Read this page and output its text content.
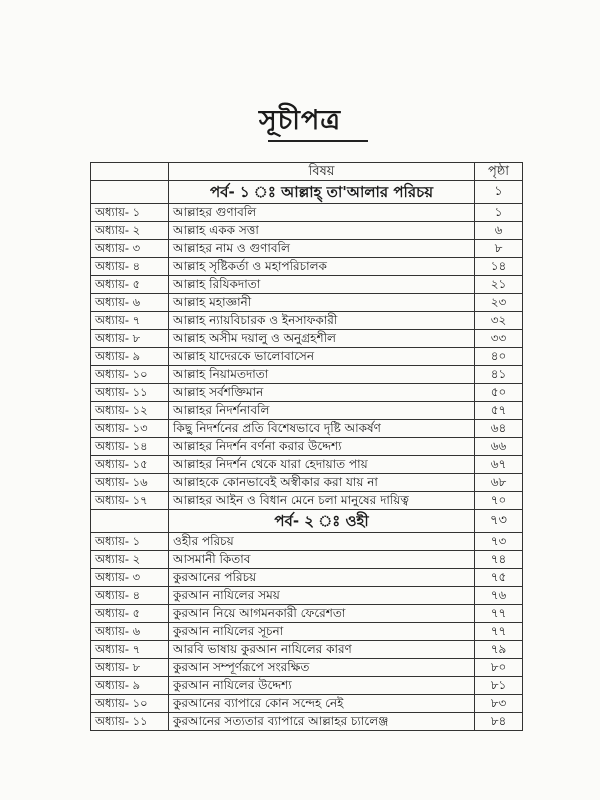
সূচীপত্র
	বিষয়	পৃষ্ঠা
	পর্ব- ১ ঃ আল্লাহ্ তা'আলার পরিচয়	১
অধ্যায়- ১	আল্লাহর গুণাবলি	১
অধ্যায়- ২	আল্লাহ একক সত্তা	৬
অধ্যায়- ৩	আল্লাহর নাম ও গুণাবলি	৮
অধ্যায়- ৪	আল্লাহ সৃষ্টিকর্তা ও মহাপরিচালক	১৪
অধ্যায়- ৫	আল্লাহ রিযিকদাতা	২১
অধ্যায়- ৬	আল্লাহ মহাজ্ঞানী	২৩
অধ্যায়- ৭	আল্লাহ ন্যায়বিচারক ও ইনসাফকারী	৩২
অধ্যায়- ৮	আল্লাহ অসীম দয়ালু ও অনুগ্রহশীল	৩৩
অধ্যায়- ৯	আল্লাহ যাদেরকে ভালোবাসেন	৪০
অধ্যায়- ১০	আল্লাহ নিয়ামতদাতা	৪১
অধ্যায়- ১১	আল্লাহ সর্বশক্তিমান	৫০
অধ্যায়- ১২	আল্লাহর নিদর্শনাবলি	৫৭
অধ্যায়- ১৩	কিছু নিদর্শনের প্রতি বিশেষভাবে দৃষ্টি আকর্ষণ	৬৪
অধ্যায়- ১৪	আল্লাহর নিদর্শন বর্ণনা করার উদ্দেশ্য	৬৬
অধ্যায়- ১৫	আল্লাহর নিদর্শন থেকে যারা হেদায়াত পায়	৬৭
অধ্যায়- ১৬	আল্লাহকে কোনভাবেই অস্বীকার করা যায় না	৬৮
অধ্যায়- ১৭	আল্লাহর আইন ও বিধান মেনে চলা মানুষের দায়িত্ব	৭০
	পর্ব- ২ ঃ ওহী	৭৩
অধ্যায়- ১	ওহীর পরিচয়	৭৩
অধ্যায়- ২	আসমানী কিতাব	৭৪
অধ্যায়- ৩	কুরআনের পরিচয়	৭৫
অধ্যায়- ৪	কুরআন নাযিলের সময়	৭৬
অধ্যায়- ৫	কুরআন নিয়ে আগমনকারী ফেরেশতা	৭৭
অধ্যায়- ৬	কুরআন নাযিলের সূচনা	৭৭
অধ্যায়- ৭	আরবি ভাষায় কুরআন নাযিলের কারণ	৭৯
অধ্যায়- ৮	কুরআন সম্পূর্ণরূপে সংরক্ষিত	৮০
অধ্যায়- ৯	কুরআন নাযিলের উদ্দেশ্য	৮১
অধ্যায়- ১০	কুরআনের ব্যাপারে কোন সন্দেহ নেই	৮৩
অধ্যায়- ১১	কুরআনের সত্যতার ব্যাপারে আল্লাহর চ্যালেঞ্জ	৮৪
